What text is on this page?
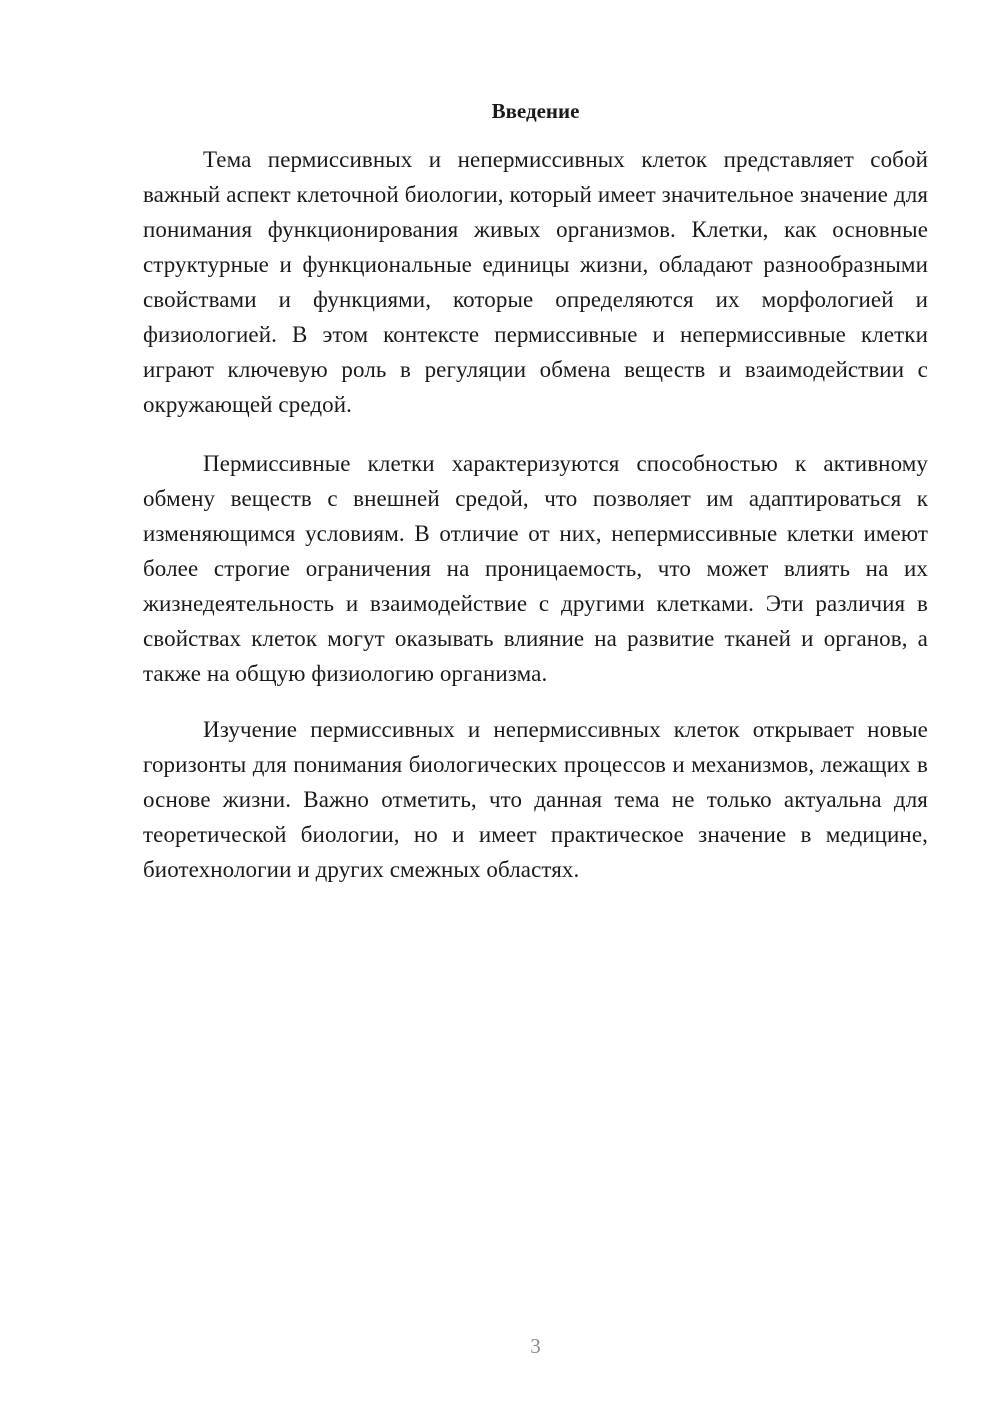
Введение

Тема пермиссивных и непермиссивных клеток представляет собой важный аспект клеточной биологии, который имеет значительное значение для понимания функционирования живых организмов. Клетки, как основные структурные и функциональные единицы жизни, обладают разнообразными свойствами и функциями, которые определяются их морфологией и физиологией. В этом контексте пермиссивные и непермиссивные клетки играют ключевую роль в регуляции обмена веществ и взаимодействии с окружающей средой.

Пермиссивные клетки характеризуются способностью к активному обмену веществ с внешней средой, что позволяет им адаптироваться к изменяющимся условиям. В отличие от них, непермиссивные клетки имеют более строгие ограничения на проницаемость, что может влиять на их жизнедеятельность и взаимодействие с другими клетками. Эти различия в свойствах клеток могут оказывать влияние на развитие тканей и органов, а также на общую физиологию организма.

Изучение пермиссивных и непермиссивных клеток открывает новые горизонты для понимания биологических процессов и механизмов, лежащих в основе жизни. Важно отметить, что данная тема не только актуальна для теоретической биологии, но и имеет практическое значение в медицине, биотехнологии и других смежных областях.

3
